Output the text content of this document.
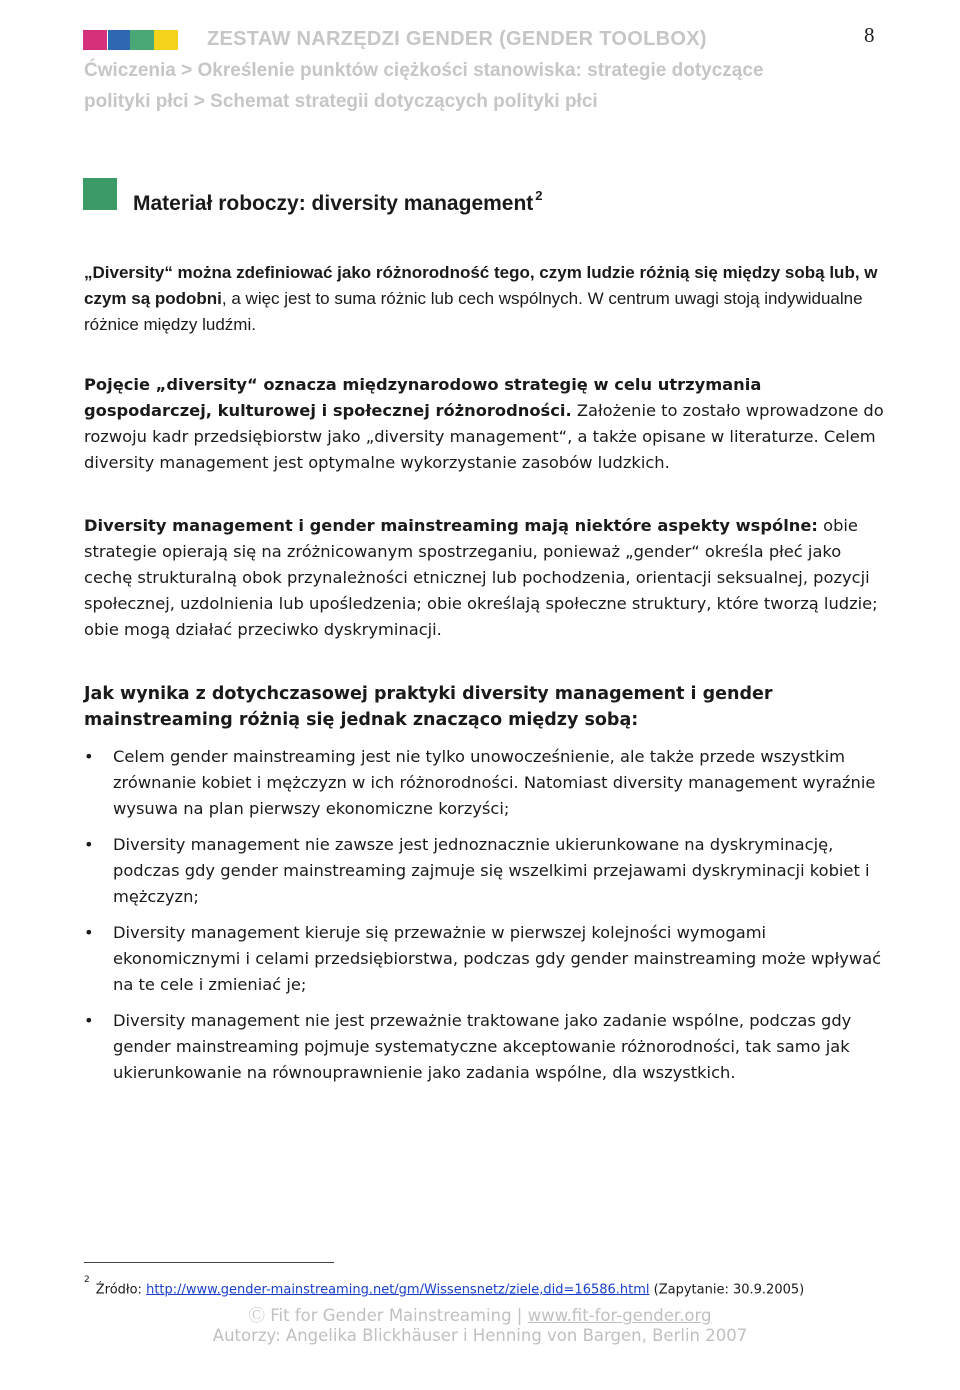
ZESTAW NARZĘDZI GENDER (GENDER TOOLBOX)	8
Ćwiczenia > Określenie punktów ciężkości stanowiska: strategie dotyczące
polityki płci > Schemat strategii dotyczących polityki płci
Materiał roboczy: diversity management $^2$
„Diversity“ można zdefiniować jako różnorodność tego, czym ludzie różnią się między sobą lub, w czym są podobni, a więc jest to suma różnic lub cech wspólnych. W centrum uwagi stoją indywidualne różnice między ludźmi.
Pojęcie „diversity“ oznacza międzynarodowo strategię w celu utrzymania gospodarczej, kulturowej i społecznej różnorodności. Założenie to zostało wprowadzone do rozwoju kadr przedsiębiorstw jako „diversity management“, a także opisane w literaturze. Celem diversity management jest optymalne wykorzystanie zasobów ludzkich.
Diversity management i gender mainstreaming mają niektóre aspekty wspólne: obie strategie opierają się na zróżnicowanym spostrzeganiu, ponieważ „gender“ określa płeć jako cechę strukturalną obok przynależności etnicznej lub pochodzenia, orientacji seksualnej, pozycji społecznej, uzdolnienia lub upośledzenia; obie określają społeczne struktury, które tworzą ludzie; obie mogą działać przeciwko dyskryminacji.
Jak wynika z dotychczasowej praktyki diversity management i gender mainstreaming różnią się jednak znacząco między sobą:
• Celem gender mainstreaming jest nie tylko unowocześnienie, ale także przede wszystkim zrównanie kobiet i mężczyzn w ich różnorodności. Natomiast diversity management wyraźnie wysuwa na plan pierwszy ekonomiczne korzyści;
• Diversity management nie zawsze jest jednoznacznie ukierunkowane na dyskryminację, podczas gdy gender mainstreaming zajmuje się wszelkimi przejawami dyskryminacji kobiet i mężczyzn;
• Diversity management kieruje się przeważnie w pierwszej kolejności wymogami ekonomicznymi i celami przedsiębiorstwa, podczas gdy gender mainstreaming może wpływać na te cele i zmieniać je;
• Diversity management nie jest przeważnie traktowane jako zadanie wspólne, podczas gdy gender mainstreaming pojmuje systematyczne akceptowanie różnorodności, tak samo jak ukierunkowanie na równouprawnienie jako zadania wspólne, dla wszystkich.
$^2$Źródło: http://www.gender-mainstreaming.net/gm/Wissensnetz/ziele,did=16586.html (Zapytanie: 30.9.2005)
Ⓒ Fit for Gender Mainstreaming | www.fit-for-gender.org
Autorzy: Angelika Blickhäuser i Henning von Bargen, Berlin 2007
